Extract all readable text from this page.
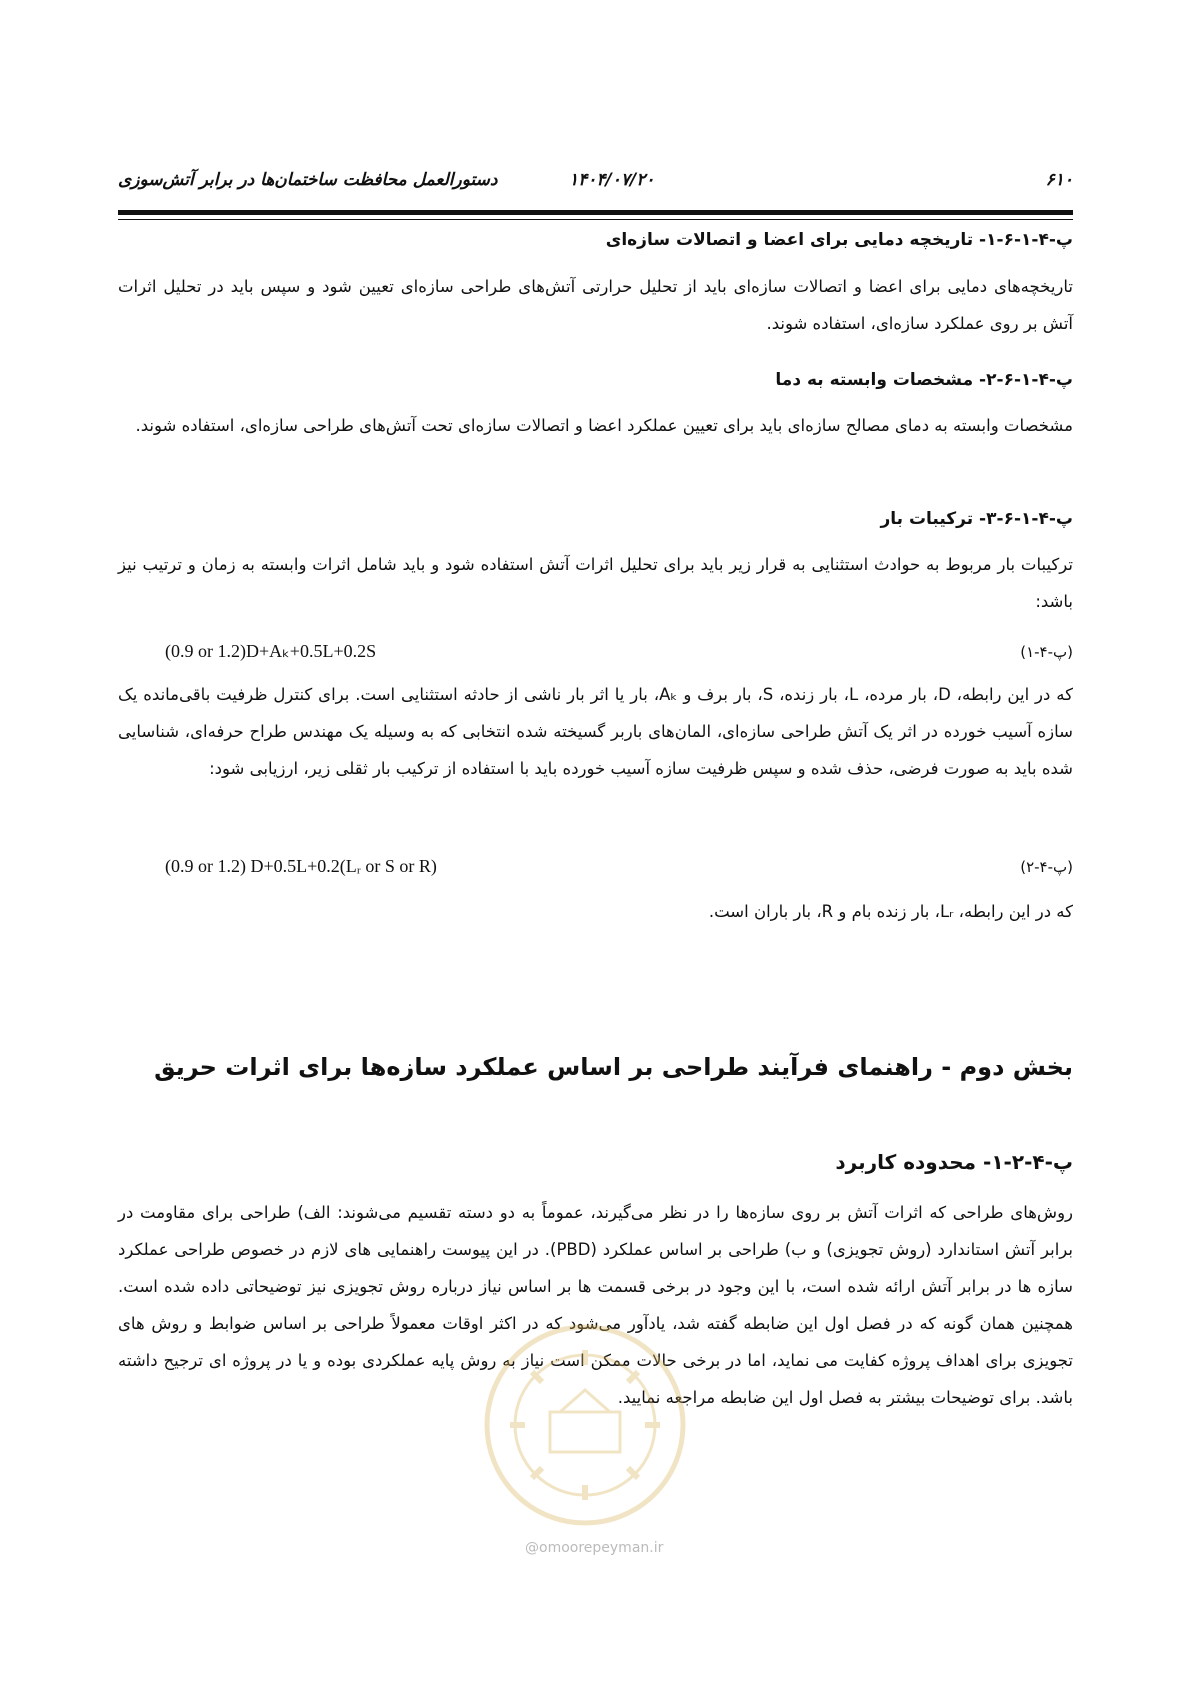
دستورالعمل محافظت ساختمان‌ها در برابر آتش‌سوزی	۱۴۰۴/۰۷/۲۰	۶۱۰
پ-۴-۱-۶-۱- تاریخچه دمایی برای اعضا و اتصالات سازه‌ای
تاریخچه‌های دمایی برای اعضا و اتصالات سازه‌ای باید از تحلیل حرارتی آتش‌های طراحی سازه‌ای تعیین شود و سپس باید در تحلیل اثرات آتش بر روی عملکرد سازه‌ای، استفاده شوند.
پ-۴-۱-۶-۲- مشخصات وابسته به دما
مشخصات وابسته به دمای مصالح سازه‌ای باید برای تعیین عملکرد اعضا و اتصالات سازه‌ای تحت آتش‌های طراحی سازه‌ای، استفاده شوند.
پ-۴-۱-۶-۳- ترکیبات بار
ترکیبات بار مربوط به حوادث استثنایی به قرار زیر باید برای تحلیل اثرات آتش استفاده شود و باید شامل اثرات وابسته به زمان و ترتیب نیز باشد:
(0.9 or 1.2)D+Aₖ+0.5L+0.2S	(پ-۴-۱)
که در این رابطه، D، بار مرده، L، بار زنده، S، بار برف و Aₖ، بار یا اثر بار ناشی از حادثه استثنایی است. برای کنترل ظرفیت باقی‌مانده یک سازه آسیب خورده در اثر یک آتش طراحی سازه‌ای، المان‌های باربر گسیخته شده انتخابی که به وسیله یک مهندس طراح حرفه‌ای، شناسایی شده باید به صورت فرضی، حذف شده و سپس ظرفیت سازه آسیب خورده باید با استفاده از ترکیب بار ثقلی زیر، ارزیابی شود:
(0.9 or 1.2) D+0.5L+0.2(Lᵣ or S or R)	(پ-۴-۲)
که در این رابطه، Lᵣ، بار زنده بام و R، بار باران است.
بخش دوم - راهنمای فرآیند طراحی بر اساس عملکرد سازه‌ها برای اثرات حریق
پ-۴-۲-۱- محدوده کاربرد
روش‌های طراحی که اثرات آتش بر روی سازه‌ها را در نظر می‌گیرند، عموماً به دو دسته تقسیم می‌شوند: الف) طراحی برای مقاومت در برابر آتش استاندارد (روش تجویزی) و ب) طراحی بر اساس عملکرد (PBD). در این پیوست راهنمایی های لازم در خصوص طراحی عملکرد سازه ها در برابر آتش ارائه شده است، با این وجود در برخی قسمت ها بر اساس نیاز درباره روش تجویزی نیز توضیحاتی داده شده است. همچنین همان گونه که در فصل اول این ضابطه گفته شد، یادآور می‌شود که در اکثر اوقات معمولاً طراحی بر اساس ضوابط و روش های تجویزی برای اهداف پروژه کفایت می نماید، اما در برخی حالات ممکن است نیاز به روش پایه عملکردی بوده و یا در پروژه ای ترجیح داشته باشد. برای توضیحات بیشتر به فصل اول این ضابطه مراجعه نمایید.
@omoorepeyman.ir
